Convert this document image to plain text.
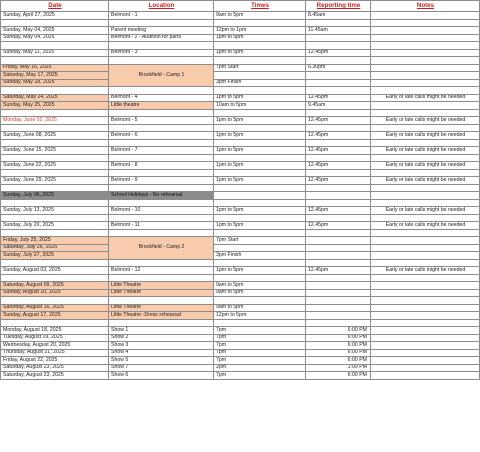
Date	Location	Times	Reporting time	Notes
Sunday, April 27, 2025	Belmont - 1	9am to 5pm	8.45am	

Sunday, May 04, 2025	Parent meeting	12pm to 1pm	11.45am	
Sunday, May 04, 2025	Belmont - 2 - Audition for parts	1pm to 5pm		

Sunday, May 11, 2025	Belmont - 3	1pm to 5pm	12.45pm	

Friday, May 16, 2025	Brookfield - Camp 1	7pm Start	6.30pm	
Saturday, May 17, 2025				
Sunday, May 18, 2025		3pm Finish		

Saturday, May 24, 2025	Belmont - 4	1pm to 5pm	12.45pm	Early or late calls might be needed
Sunday, May 25, 2025	Little theatre	10am to 5pm	9.45am	

Monday, June 02, 2025	Belmont - 5	1pm to 5pm	12.45pm	Early or late calls might be needed

Sunday, June 08, 2025	Belmont - 6	1pm to 5pm	12.45pm	Early or late calls might be needed

Sunday, June 15, 2025	Belmont - 7	1pm to 5pm	12.45pm	Early or late calls might be needed

Sunday, June 22, 2025	Belmont - 8	1pm to 5pm	12.45pm	Early or late calls might be needed

Sunday, June 29, 2025	Belmont - 9	1pm to 5pm	12.45pm	Early or late calls might be needed

Sunday, July 06, 2025	School Holidays - No rehearsal			

Sunday, July 13, 2025	Belmont - 10	1pm to 5pm	12.45pm	Early or late calls might be needed

Sunday, July 20, 2025	Belmont - 11	1pm to 5pm	12.45pm	Early or late calls might be needed

Friday, July 25, 2025	Brookfield - Camp 2	7pm Start		
Saturday, July 26, 2025				
Sunday, July 27, 2025		3pm Finish		

Sunday, August 03, 2025	Belmont - 12	1pm to 5pm	12.45pm	Early or late calls might be needed

Saturday, August 09, 2025	Little Theatre	9am to 5pm		
Sunday, August 10, 2025	Little Theatre	9am to 5pm		

Saturday, August 16, 2025	Little Theatre	9am to 5pm		
Sunday, August 17, 2025	Little Theatre -Dress rehearsal	12pm to 5pm		

Monday, August 18, 2025	Show 1	7pm	6:00 PM	
Tuesday, August 19, 2025	Show 2	7pm	6:00 PM	
Wednesday, August 20, 2025	Show 3	7pm	6:00 PM	
Thursday, August 21, 2025	Show 4	7pm	6:00 PM	
Friday, August 22, 2025	Show 5	7pm	6:00 PM	
Saturday, August 23, 2025	Show 7	2pm	1:00 PM	
Saturday, August 23, 2025	Show 6	7pm	6:00 PM	
